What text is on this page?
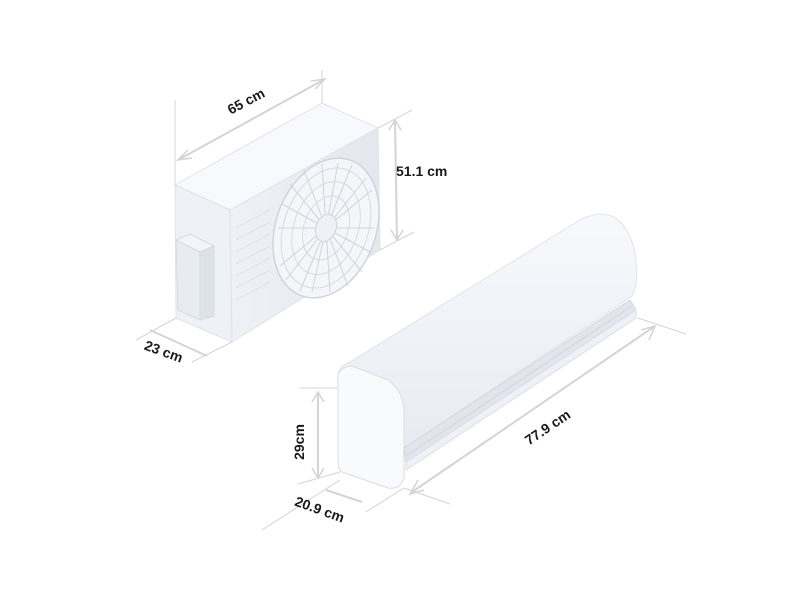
65 cm
51.1 cm
23 cm
29cm
20.9 cm
77.9 cm
